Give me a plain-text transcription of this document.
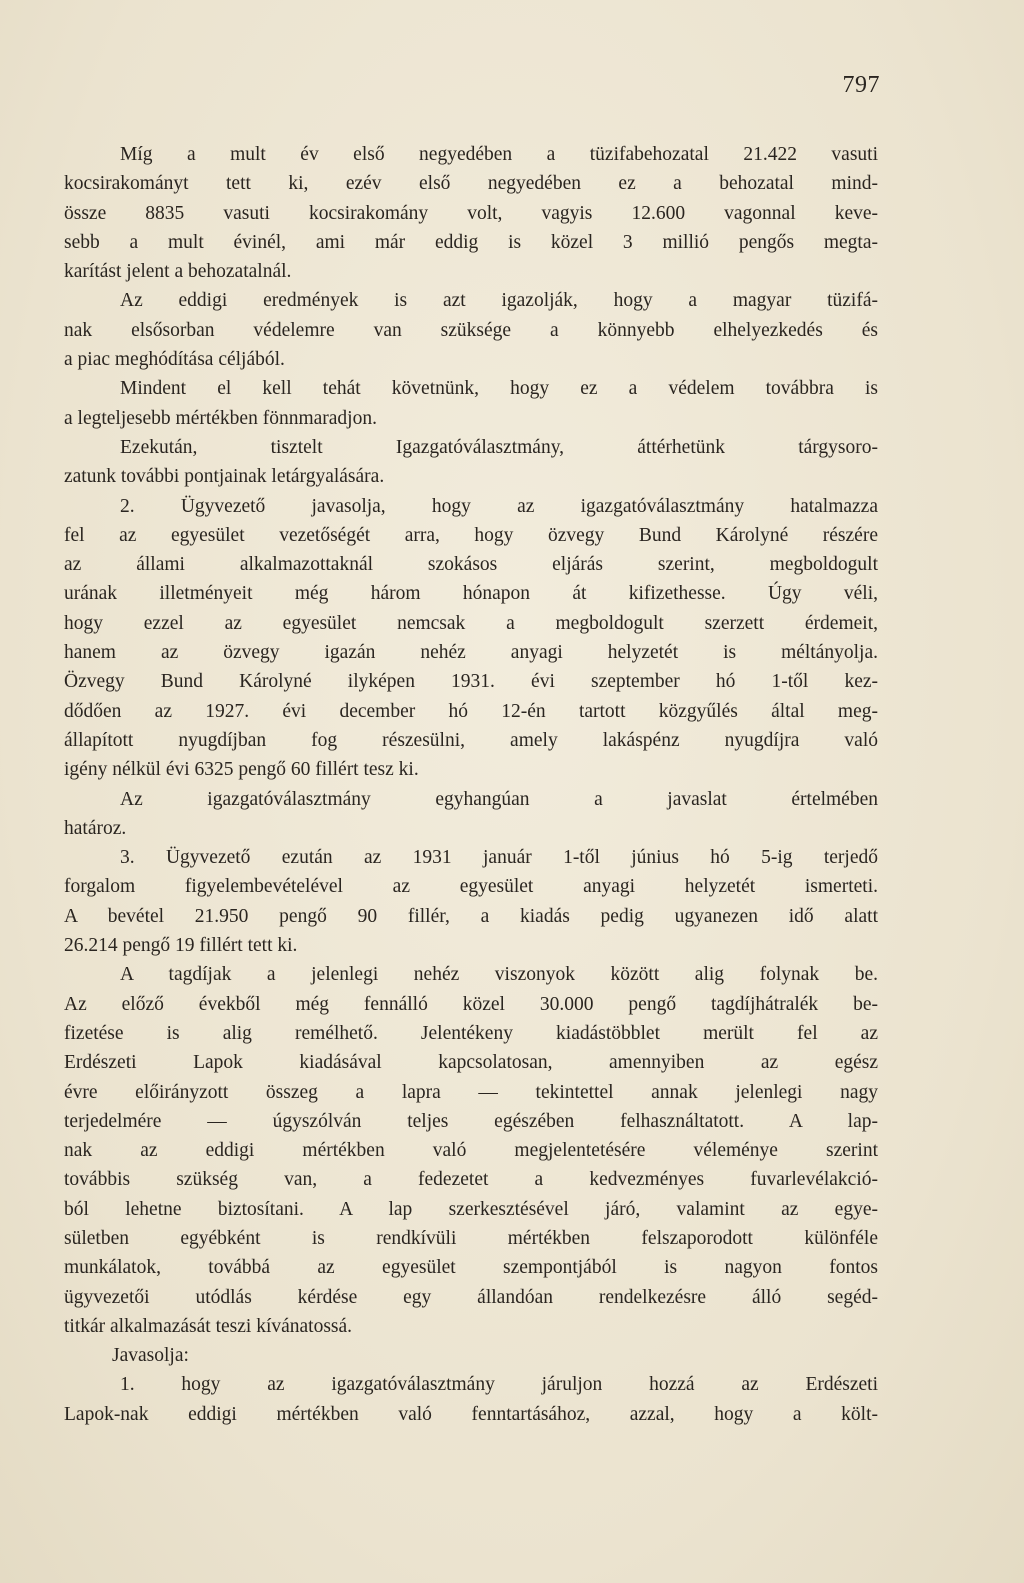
797
Míg a mult év első negyedében a tüzifabehozatal 21.422 vasuti
kocsirakományt tett ki, ezév első negyedében ez a behozatal mind-
össze 8835 vasuti kocsirakomány volt, vagyis 12.600 vagonnal keve-
sebb a mult évinél, ami már eddig is közel 3 millió pengős megta-
karítást jelent a behozatalnál.
Az eddigi eredmények is azt igazolják, hogy a magyar tüzifá-
nak elsősorban védelemre van szüksége a könnyebb elhelyezkedés és
a piac meghódítása céljából.
Mindent el kell tehát követnünk, hogy ez a védelem továbbra is
a legteljesebb mértékben fönnmaradjon.
Ezekután, tisztelt Igazgatóválasztmány, áttérhetünk tárgysoro-
zatunk további pontjainak letárgyalására.
2. Ügyvezető javasolja, hogy az igazgatóválasztmány hatalmazza
fel az egyesület vezetőségét arra, hogy özvegy Bund Károlyné részére
az állami alkalmazottaknál szokásos eljárás szerint, megboldogult
urának illetményeit még három hónapon át kifizethesse. Úgy véli,
hogy ezzel az egyesület nemcsak a megboldogult szerzett érdemeit,
hanem az özvegy igazán nehéz anyagi helyzetét is méltányolja.
Özvegy Bund Károlyné ilyképen 1931. évi szeptember hó 1-től kez-
dődően az 1927. évi december hó 12-én tartott közgyűlés által meg-
állapított nyugdíjban fog részesülni, amely lakáspénz nyugdíjra való
igény nélkül évi 6325 pengő 60 fillért tesz ki.
Az igazgatóválasztmány egyhangúan a javaslat értelmében
határoz.
3. Ügyvezető ezután az 1931 január 1-től június hó 5-ig terjedő
forgalom figyelembevételével az egyesület anyagi helyzetét ismerteti.
A bevétel 21.950 pengő 90 fillér, a kiadás pedig ugyanezen idő alatt
26.214 pengő 19 fillért tett ki.
A tagdíjak a jelenlegi nehéz viszonyok között alig folynak be.
Az előző évekből még fennálló közel 30.000 pengő tagdíjhátralék be-
fizetése is alig remélhető. Jelentékeny kiadástöbblet merült fel az
Erdészeti Lapok kiadásával kapcsolatosan, amennyiben az egész
évre előirányzott összeg a lapra — tekintettel annak jelenlegi nagy
terjedelmére — úgyszólván teljes egészében felhasználtatott. A lap-
nak az eddigi mértékben való megjelentetésére véleménye szerint
továbbis szükség van, a fedezetet a kedvezményes fuvarlevélakció-
ból lehetne biztosítani. A lap szerkesztésével járó, valamint az egye-
sületben egyébként is rendkívüli mértékben felszaporodott különféle
munkálatok, továbbá az egyesület szempontjából is nagyon fontos
ügyvezetői utódlás kérdése egy állandóan rendelkezésre álló segéd-
titkár alkalmazását teszi kívánatossá.
Javasolja:
1. hogy az igazgatóválasztmány járuljon hozzá az Erdészeti
Lapok-nak eddigi mértékben való fenntartásához, azzal, hogy a költ-
